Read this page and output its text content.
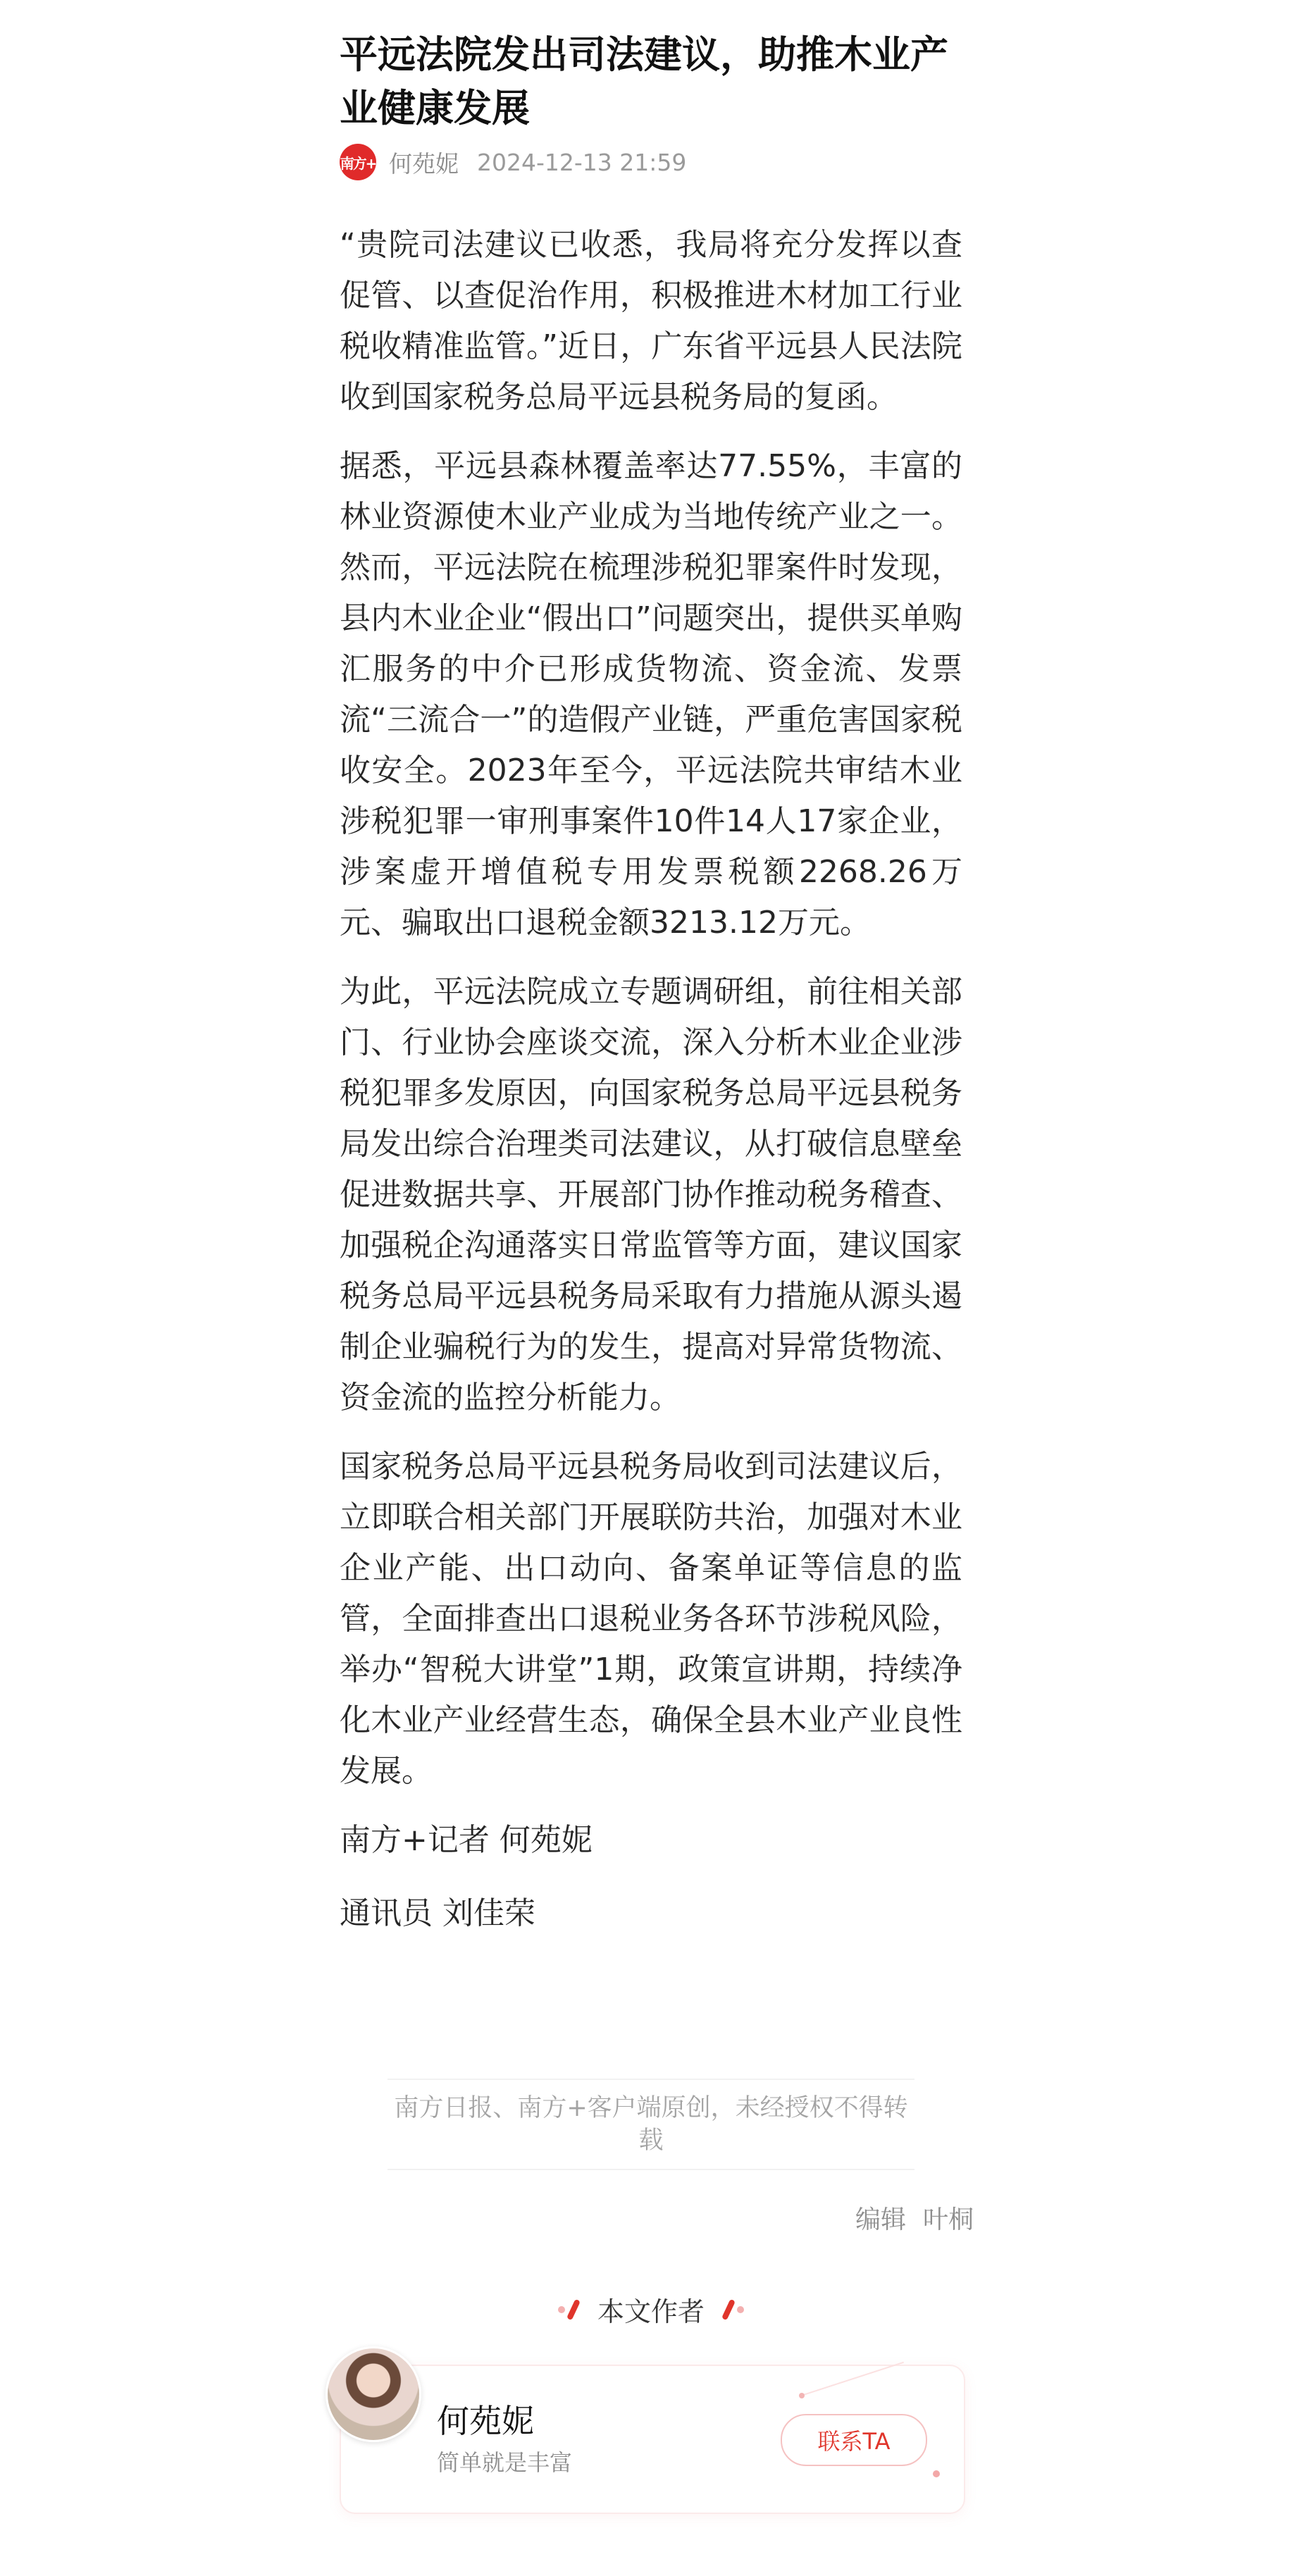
平远法院发出司法建议，助推木业产业健康发展
南方+ 何苑妮 2024-12-13 21:59

“贵院司法建议已收悉，我局将充分发挥以查促管、以查促治作用，积极推进木材加工行业税收精准监管。”近日，广东省平远县人民法院收到国家税务总局平远县税务局的复函。

据悉，平远县森林覆盖率达77.55%，丰富的林业资源使木业产业成为当地传统产业之一。然而，平远法院在梳理涉税犯罪案件时发现，县内木业企业“假出口”问题突出，提供买单购汇服务的中介已形成货物流、资金流、发票流“三流合一”的造假产业链，严重危害国家税收安全。2023年至今，平远法院共审结木业涉税犯罪一审刑事案件10件14人17家企业，涉案虚开增值税专用发票税额2268.26万元、骗取出口退税金额3213.12万元。

为此，平远法院成立专题调研组，前往相关部门、行业协会座谈交流，深入分析木业企业涉税犯罪多发原因，向国家税务总局平远县税务局发出综合治理类司法建议，从打破信息壁垒促进数据共享、开展部门协作推动税务稽查、加强税企沟通落实日常监管等方面，建议国家税务总局平远县税务局采取有力措施从源头遏制企业骗税行为的发生，提高对异常货物流、资金流的监控分析能力。

国家税务总局平远县税务局收到司法建议后，立即联合相关部门开展联防共治，加强对木业企业产能、出口动向、备案单证等信息的监管，全面排查出口退税业务各环节涉税风险，举办“智税大讲堂”1期，政策宣讲期，持续净化木业产业经营生态，确保全县木业产业良性发展。

南方+记者 何苑妮
通讯员 刘佳荣
南方日报、南方+客户端原创，未经授权不得转载
编辑 叶桐
本文作者
何苑妮
简单就是丰富
联系TA
